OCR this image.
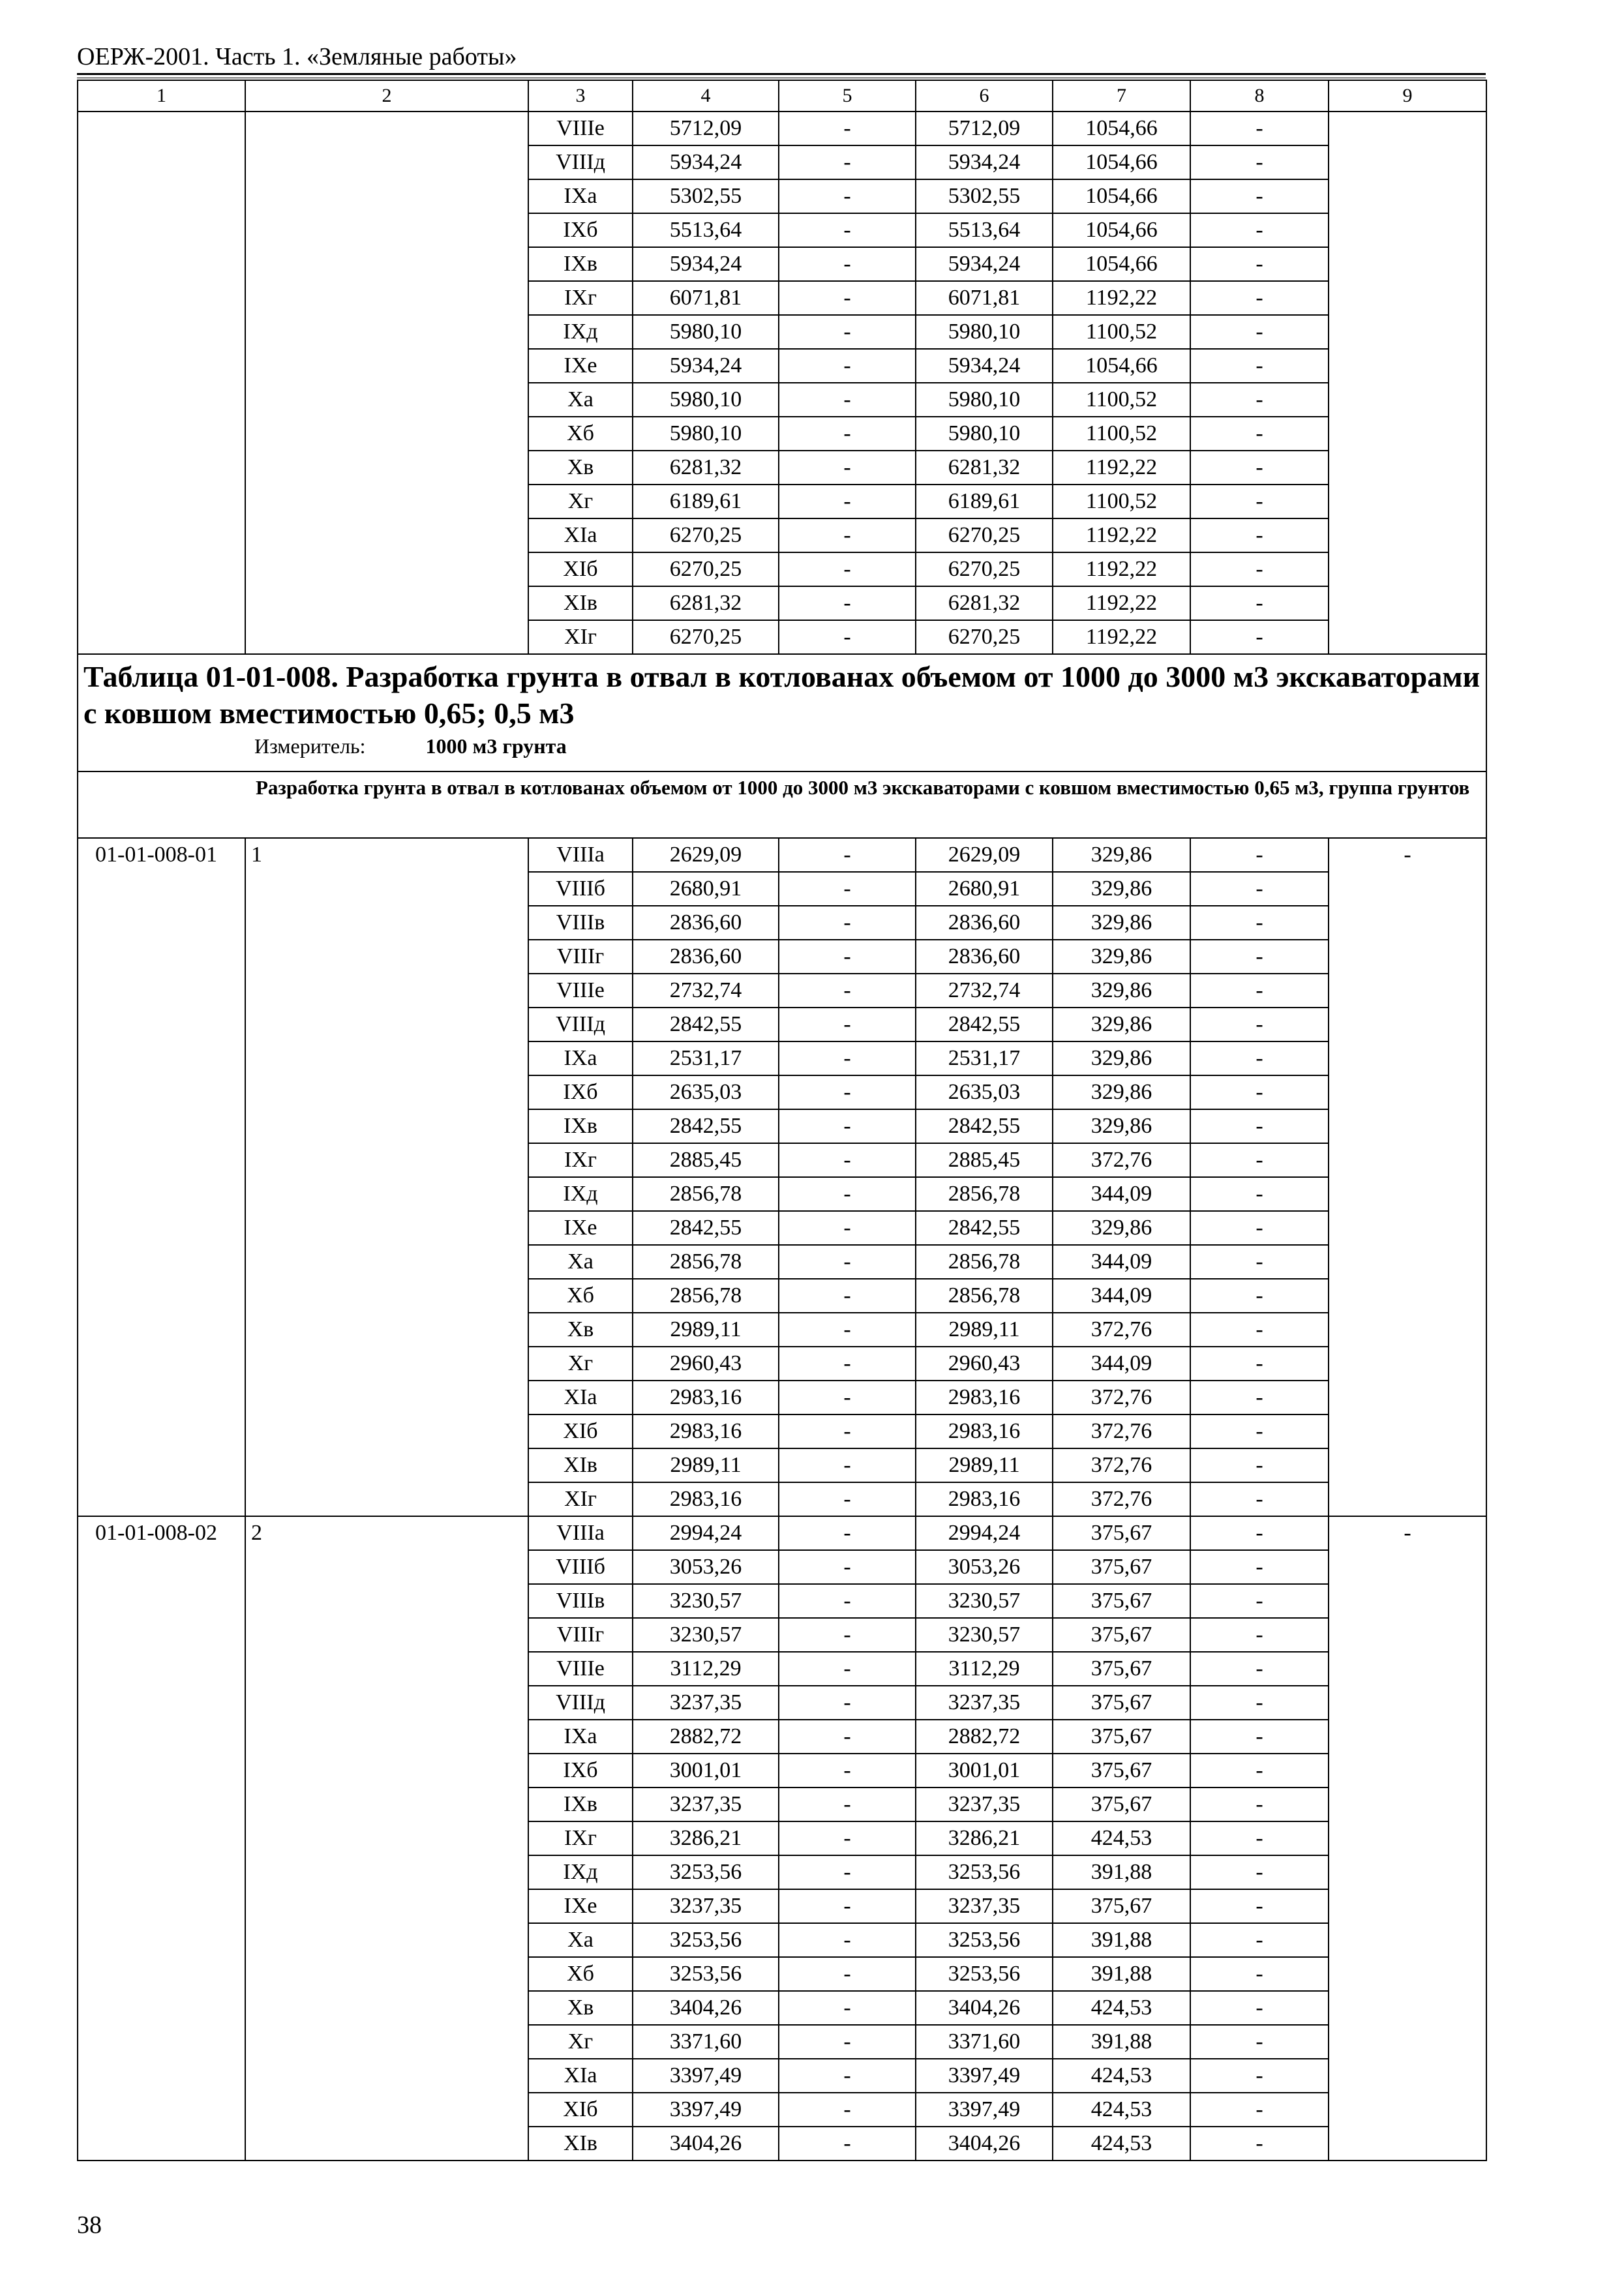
ОЕРЖ-2001. Часть 1. «Земляные работы»
1	2	3	4	5	6	7	8	9
		VIIIе	5712,09	-	5712,09	1054,66	-	
		VIIIд	5934,24	-	5934,24	1054,66	-	
		IXа	5302,55	-	5302,55	1054,66	-	
		IXб	5513,64	-	5513,64	1054,66	-	
		IXв	5934,24	-	5934,24	1054,66	-	
		IXг	6071,81	-	6071,81	1192,22	-	
		IXд	5980,10	-	5980,10	1100,52	-	
		IXе	5934,24	-	5934,24	1054,66	-	
		Xа	5980,10	-	5980,10	1100,52	-	
		Xб	5980,10	-	5980,10	1100,52	-	
		Xв	6281,32	-	6281,32	1192,22	-	
		Xг	6189,61	-	6189,61	1100,52	-	
		XIа	6270,25	-	6270,25	1192,22	-	
		XIб	6270,25	-	6270,25	1192,22	-	
		XIв	6281,32	-	6281,32	1192,22	-	
		XIг	6270,25	-	6270,25	1192,22	-	

Таблица 01-01-008. Разработка грунта в отвал в котлованах объемом от 1000 до 3000 м3 экскаваторами с ковшом вместимостью 0,65; 0,5 м3
Измеритель: 1000 м3 грунта								

Разработка грунта в отвал в котлованах объемом от 1000 до 3000 м3 экскаваторами с ковшом вместимостью 0,65 м3, группа грунтов								
01-01-008-01	1	VIIIа	2629,09	-	2629,09	329,86	-	-
		VIIIб	2680,91	-	2680,91	329,86	-	
		VIIIв	2836,60	-	2836,60	329,86	-	
		VIIIг	2836,60	-	2836,60	329,86	-	
		VIIIе	2732,74	-	2732,74	329,86	-	
		VIIIд	2842,55	-	2842,55	329,86	-	
		IXа	2531,17	-	2531,17	329,86	-	
		IXб	2635,03	-	2635,03	329,86	-	
		IXв	2842,55	-	2842,55	329,86	-	
		IXг	2885,45	-	2885,45	372,76	-	
		IXд	2856,78	-	2856,78	344,09	-	
		IXе	2842,55	-	2842,55	329,86	-	
		Xа	2856,78	-	2856,78	344,09	-	
		Xб	2856,78	-	2856,78	344,09	-	
		Xв	2989,11	-	2989,11	372,76	-	
		Xг	2960,43	-	2960,43	344,09	-	
		XIа	2983,16	-	2983,16	372,76	-	
		XIб	2983,16	-	2983,16	372,76	-	
		XIв	2989,11	-	2989,11	372,76	-	
		XIг	2983,16	-	2983,16	372,76	-	
01-01-008-02	2	VIIIа	2994,24	-	2994,24	375,67	-	-
		VIIIб	3053,26	-	3053,26	375,67	-	
		VIIIв	3230,57	-	3230,57	375,67	-	
		VIIIг	3230,57	-	3230,57	375,67	-	
		VIIIе	3112,29	-	3112,29	375,67	-	
		VIIIд	3237,35	-	3237,35	375,67	-	
		IXа	2882,72	-	2882,72	375,67	-	
		IXб	3001,01	-	3001,01	375,67	-	
		IXв	3237,35	-	3237,35	375,67	-	
		IXг	3286,21	-	3286,21	424,53	-	
		IXд	3253,56	-	3253,56	391,88	-	
		IXе	3237,35	-	3237,35	375,67	-	
		Xа	3253,56	-	3253,56	391,88	-	
		Xб	3253,56	-	3253,56	391,88	-	
		Xв	3404,26	-	3404,26	424,53	-	
		Xг	3371,60	-	3371,60	391,88	-	
		XIа	3397,49	-	3397,49	424,53	-	
		XIб	3397,49	-	3397,49	424,53	-	
		XIв	3404,26	-	3404,26	424,53	-	
38
